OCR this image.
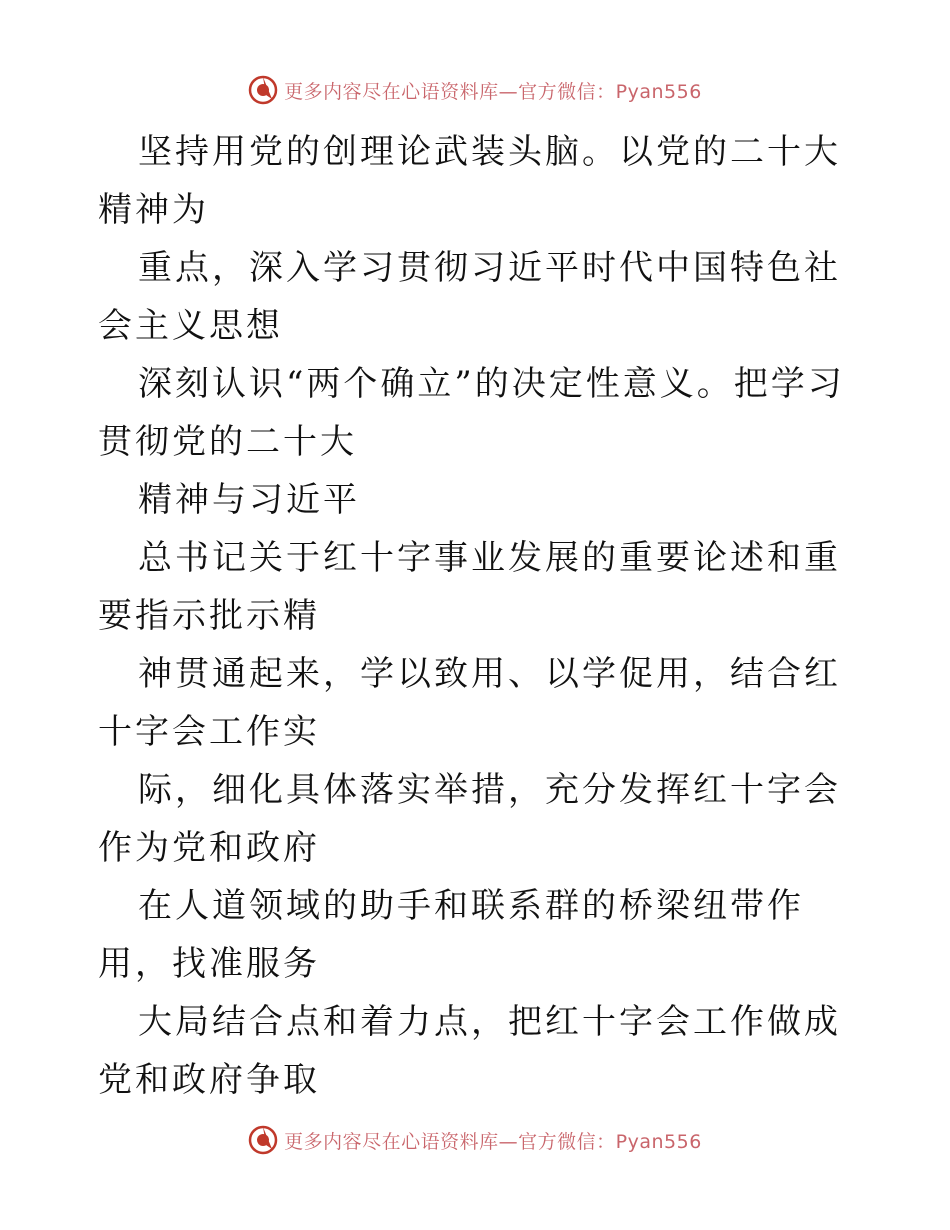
更多内容尽在心语资料库—官方微信：Pyan556

坚持用党的创理论武装头脑。以党的二十大精神为

重点，深入学习贯彻习近平时代中国特色社会主义思想

深刻认识“两个确立”的决定性意义。把学习贯彻党的二十大

精神与习近平

总书记关于红十字事业发展的重要论述和重要指示批示精

神贯通起来，学以致用、以学促用，结合红十字会工作实

际，细化具体落实举措，充分发挥红十字会作为党和政府

在人道领域的助手和联系群的桥梁纽带作用，找准服务

大局结合点和着力点，把红十字会工作做成党和政府争取

更多内容尽在心语资料库—官方微信：Pyan556
